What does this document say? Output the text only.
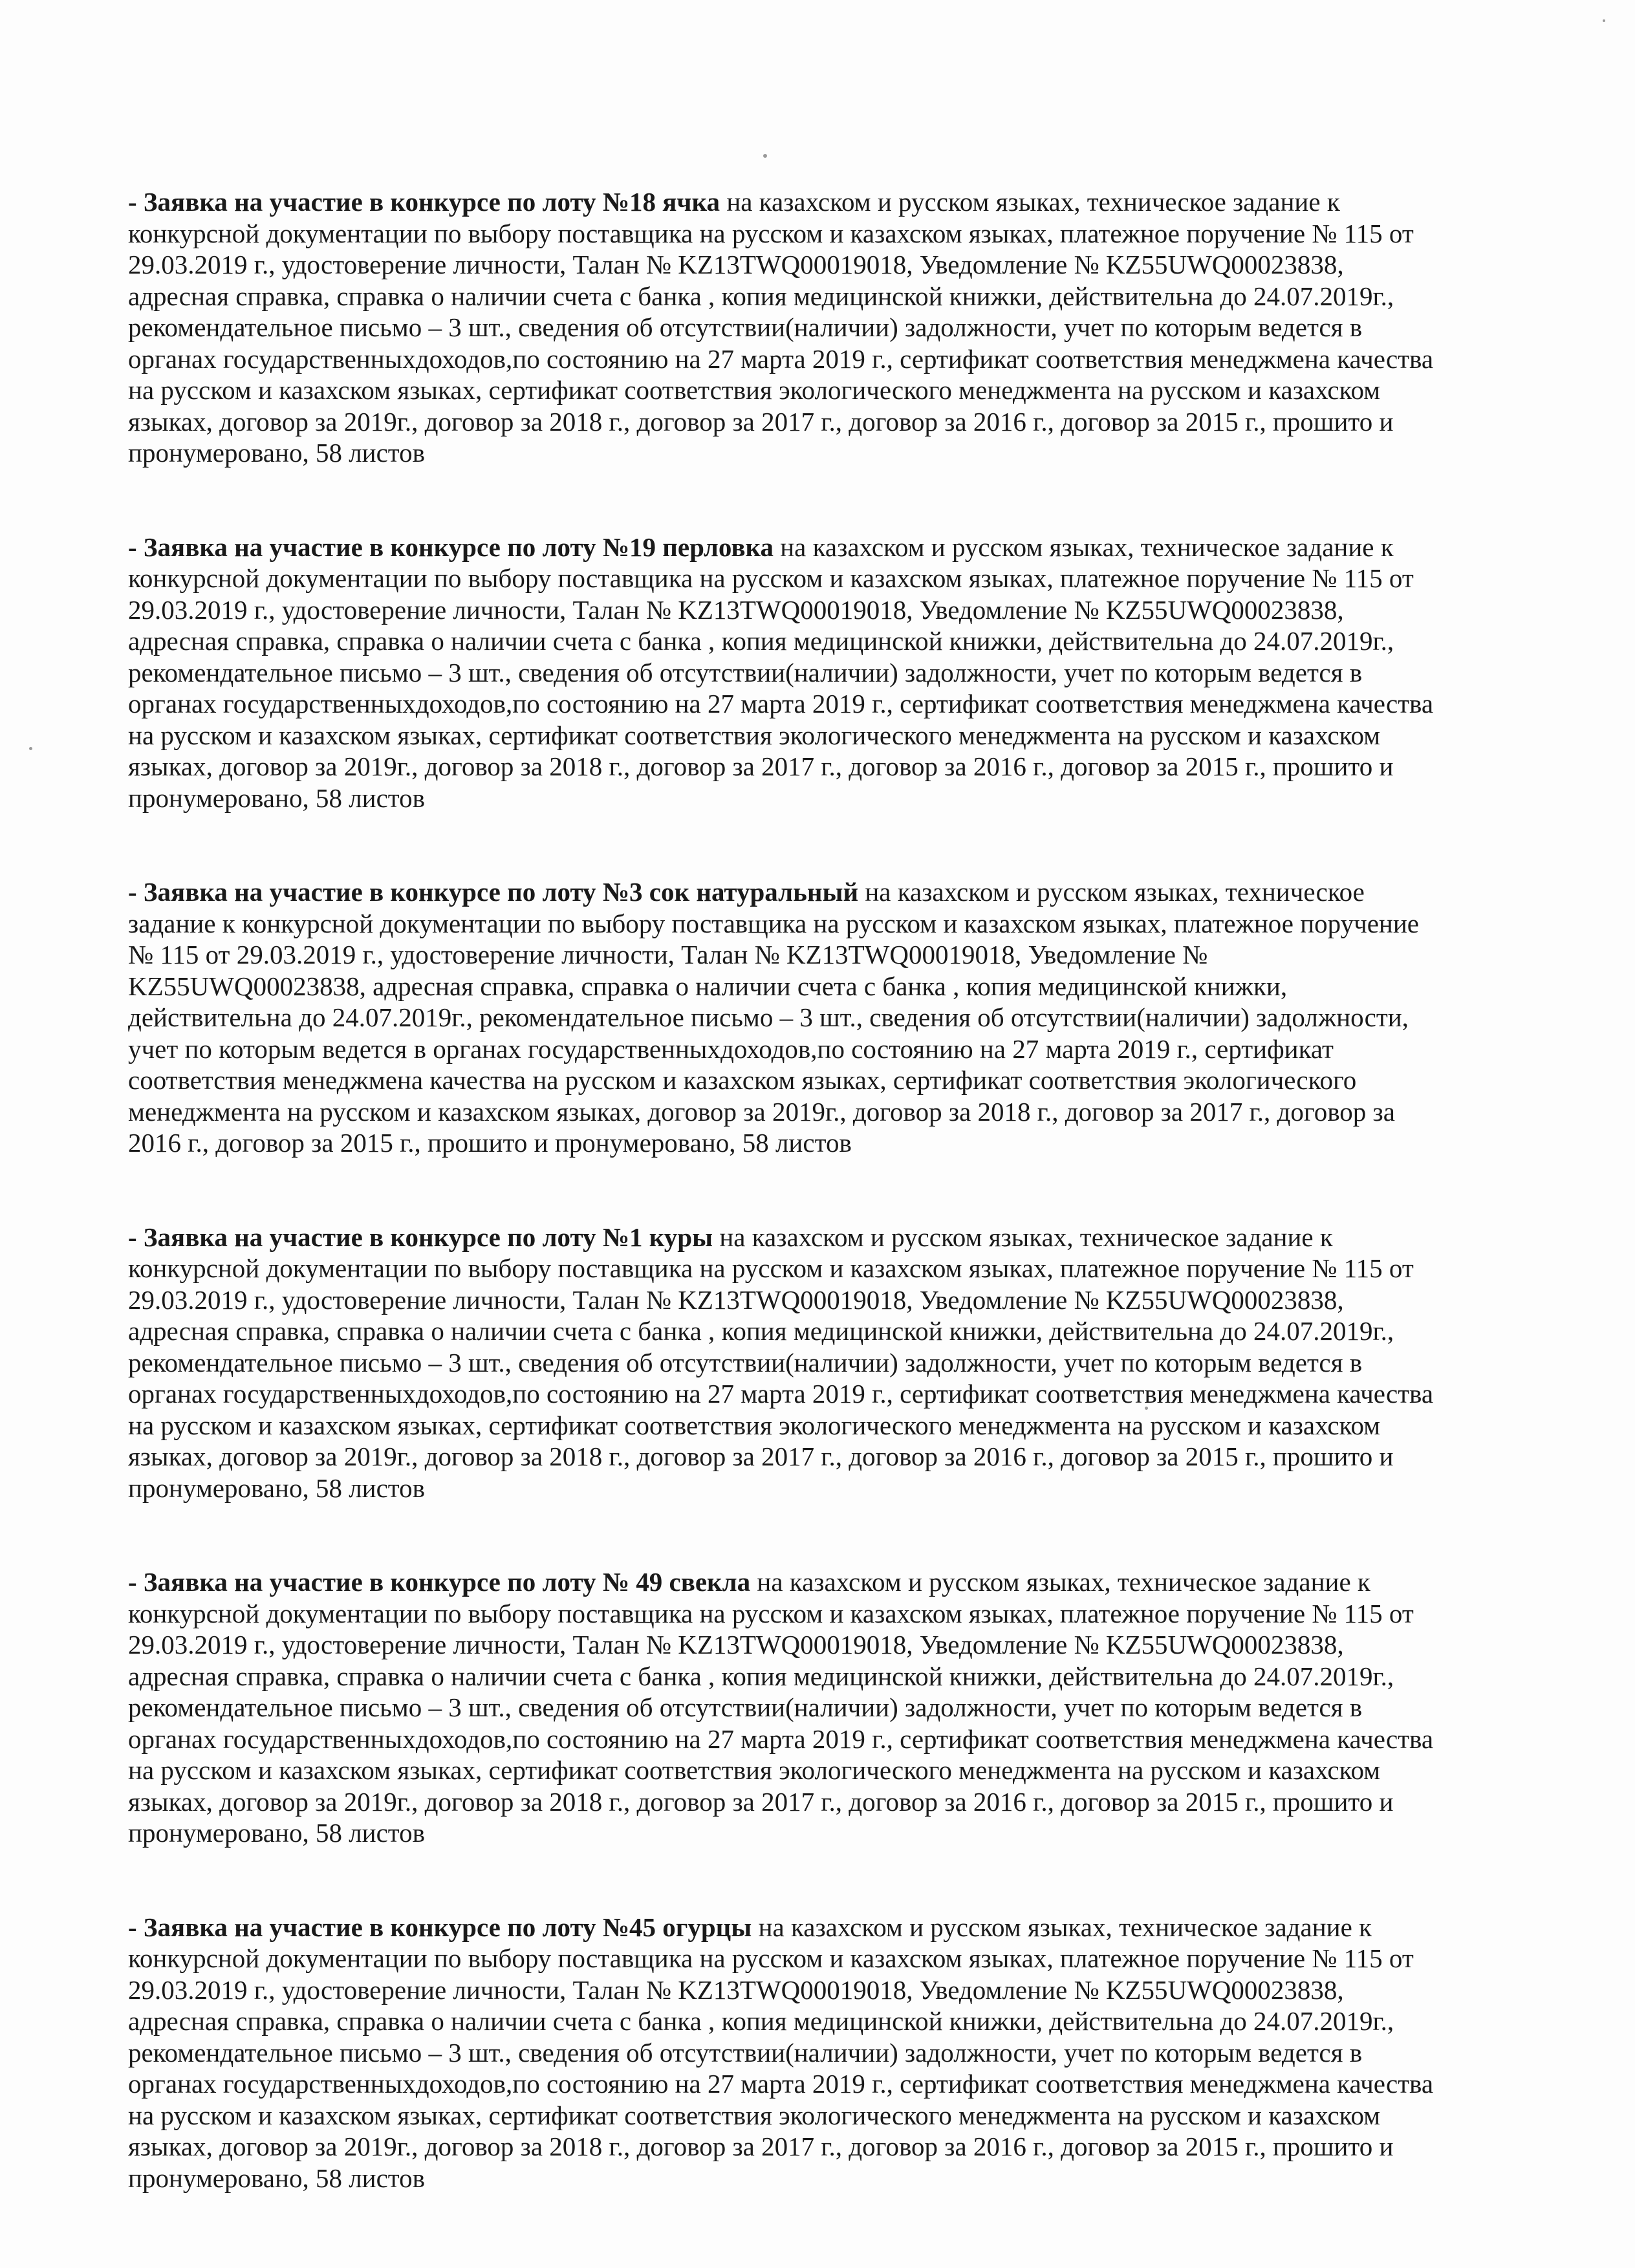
- Заявка на участие в конкурсе по лоту №18 ячка на казахском и русском языках, техническое задание к конкурсной документации по выбору поставщика на русском и казахском языках, платежное поручение № 115 от 29.03.2019 г., удостоверение личности, Талан № KZ13TWQ00019018, Уведомление № KZ55UWQ00023838, адресная справка, справка о наличии счета с банка , копия медицинской книжки, действительна до 24.07.2019г., рекомендательное письмо – 3 шт., сведения об отсутствии(наличии) задолжности, учет по которым ведется в органах государственныхдоходов,по состоянию на 27 марта 2019 г., сертификат соответствия менеджмена качества на русском и казахском языках, сертификат соответствия экологического менеджмента на русском и казахском языках, договор за 2019г., договор за 2018 г., договор за 2017 г., договор за 2016 г., договор за 2015 г., прошито и пронумеровано, 58 листов

- Заявка на участие в конкурсе по лоту №19 перловка на казахском и русском языках, техническое задание к конкурсной документации по выбору поставщика на русском и казахском языках, платежное поручение № 115 от 29.03.2019 г., удостоверение личности, Талан № KZ13TWQ00019018, Уведомление № KZ55UWQ00023838, адресная справка, справка о наличии счета с банка , копия медицинской книжки, действительна до 24.07.2019г., рекомендательное письмо – 3 шт., сведения об отсутствии(наличии) задолжности, учет по которым ведется в органах государственныхдоходов,по состоянию на 27 марта 2019 г., сертификат соответствия менеджмена качества на русском и казахском языках, сертификат соответствия экологического менеджмента на русском и казахском языках, договор за 2019г., договор за 2018 г., договор за 2017 г., договор за 2016 г., договор за 2015 г., прошито и пронумеровано, 58 листов

- Заявка на участие в конкурсе по лоту №3 сок натуральный на казахском и русском языках, техническое задание к конкурсной документации по выбору поставщика на русском и казахском языках, платежное поручение № 115 от 29.03.2019 г., удостоверение личности, Талан № KZ13TWQ00019018, Уведомление № KZ55UWQ00023838, адресная справка, справка о наличии счета с банка , копия медицинской книжки, действительна до 24.07.2019г., рекомендательное письмо – 3 шт., сведения об отсутствии(наличии) задолжности, учет по которым ведется в органах государственныхдоходов,по состоянию на 27 марта 2019 г., сертификат соответствия менеджмена качества на русском и казахском языках, сертификат соответствия экологического менеджмента на русском и казахском языках, договор за 2019г., договор за 2018 г., договор за 2017 г., договор за 2016 г., договор за 2015 г., прошито и пронумеровано, 58 листов

- Заявка на участие в конкурсе по лоту №1 куры на казахском и русском языках, техническое задание к конкурсной документации по выбору поставщика на русском и казахском языках, платежное поручение № 115 от 29.03.2019 г., удостоверение личности, Талан № KZ13TWQ00019018, Уведомление № KZ55UWQ00023838, адресная справка, справка о наличии счета с банка , копия медицинской книжки, действительна до 24.07.2019г., рекомендательное письмо – 3 шт., сведения об отсутствии(наличии) задолжности, учет по которым ведется в органах государственныхдоходов,по состоянию на 27 марта 2019 г., сертификат соответствия менеджмена качества на русском и казахском языках, сертификат соответствия экологического менеджмента на русском и казахском языках, договор за 2019г., договор за 2018 г., договор за 2017 г., договор за 2016 г., договор за 2015 г., прошито и пронумеровано, 58 листов

- Заявка на участие в конкурсе по лоту № 49 свекла на казахском и русском языках, техническое задание к конкурсной документации по выбору поставщика на русском и казахском языках, платежное поручение № 115 от 29.03.2019 г., удостоверение личности, Талан № KZ13TWQ00019018, Уведомление № KZ55UWQ00023838, адресная справка, справка о наличии счета с банка , копия медицинской книжки, действительна до 24.07.2019г., рекомендательное письмо – 3 шт., сведения об отсутствии(наличии) задолжности, учет по которым ведется в органах государственныхдоходов,по состоянию на 27 марта 2019 г., сертификат соответствия менеджмена качества на русском и казахском языках, сертификат соответствия экологического менеджмента на русском и казахском языках, договор за 2019г., договор за 2018 г., договор за 2017 г., договор за 2016 г., договор за 2015 г., прошито и пронумеровано, 58 листов

- Заявка на участие в конкурсе по лоту №45 огурцы на казахском и русском языках, техническое задание к конкурсной документации по выбору поставщика на русском и казахском языках, платежное поручение № 115 от 29.03.2019 г., удостоверение личности, Талан № KZ13TWQ00019018, Уведомление № KZ55UWQ00023838, адресная справка, справка о наличии счета с банка , копия медицинской книжки, действительна до 24.07.2019г., рекомендательное письмо – 3 шт., сведения об отсутствии(наличии) задолжности, учет по которым ведется в органах государственныхдоходов,по состоянию на 27 марта 2019 г., сертификат соответствия менеджмена качества на русском и казахском языках, сертификат соответствия экологического менеджмента на русском и казахском языках, договор за 2019г., договор за 2018 г., договор за 2017 г., договор за 2016 г., договор за 2015 г., прошито и пронумеровано, 58 листов
